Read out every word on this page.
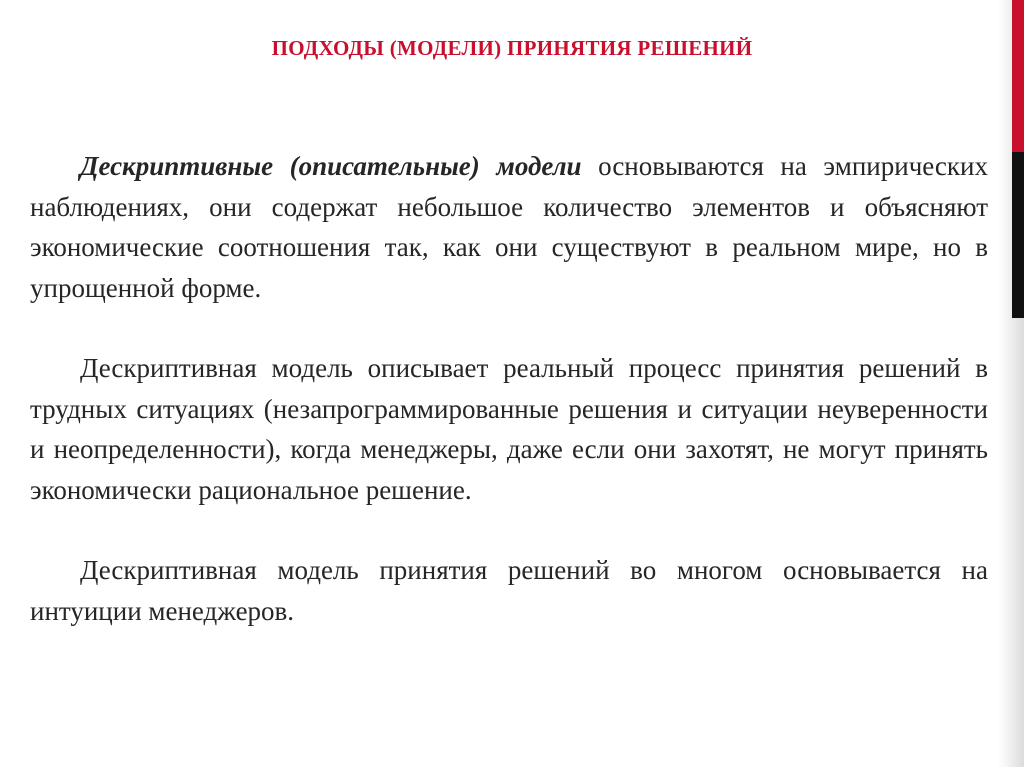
ПОДХОДЫ (МОДЕЛИ) ПРИНЯТИЯ РЕШЕНИЙ

Дескриптивные (описательные) модели основываются на эмпирических наблюдениях, они содержат небольшое количество элементов и объясняют экономические соотношения так, как они существуют в реальном мире, но в упрощенной форме.

Дескриптивная модель описывает реальный процесс принятия решений в трудных ситуациях (незапрограммированные решения и ситуации неуверенности и неопределенности), когда менеджеры, даже если они захотят, не могут принять экономически рациональное решение.

Дескриптивная модель принятия решений во многом основывается на интуиции менеджеров.
